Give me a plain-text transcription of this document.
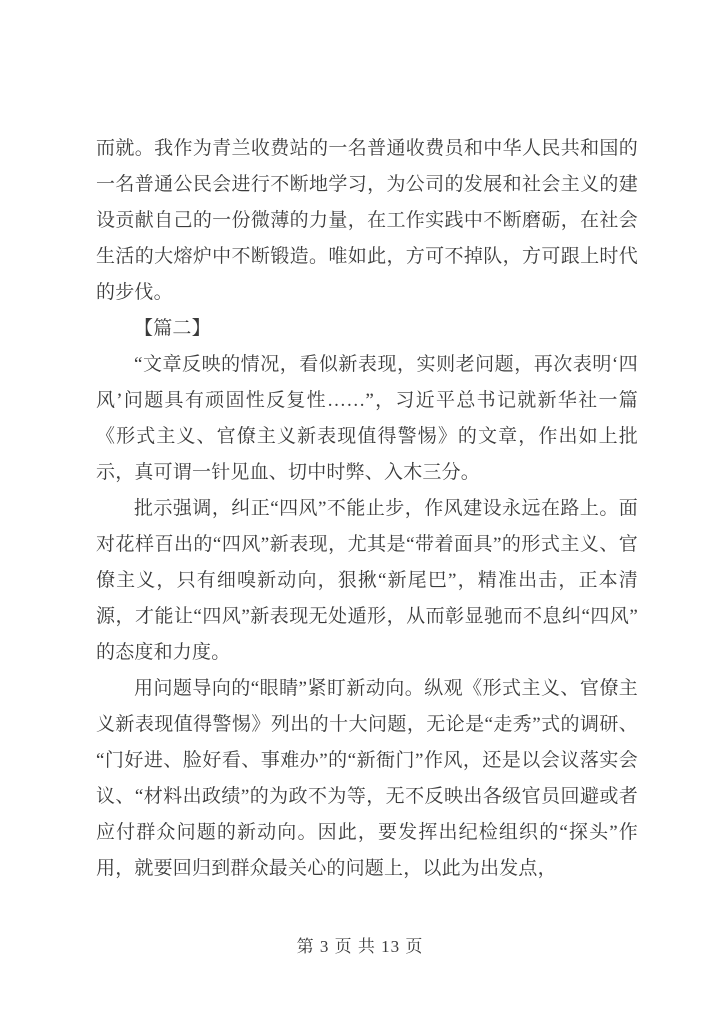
而就。我作为青兰收费站的一名普通收费员和中华人民共和国的一名普通公民会进行不断地学习，为公司的发展和社会主义的建设贡献自己的一份微薄的力量，在工作实践中不断磨砺，在社会生活的大熔炉中不断锻造。唯如此，方可不掉队，方可跟上时代的步伐。

【篇二】

“文章反映的情况，看似新表现，实则老问题，再次表明‘四风’问题具有顽固性反复性……”，习近平总书记就新华社一篇《形式主义、官僚主义新表现值得警惕》的文章，作出如上批示，真可谓一针见血、切中时弊、入木三分。

批示强调，纠正“四风”不能止步，作风建设永远在路上。面对花样百出的“四风”新表现，尤其是“带着面具”的形式主义、官僚主义，只有细嗅新动向，狠揪“新尾巴”，精准出击，正本清源，才能让“四风”新表现无处遁形，从而彰显驰而不息纠“四风”的态度和力度。

用问题导向的“眼睛”紧盯新动向。纵观《形式主义、官僚主义新表现值得警惕》列出的十大问题，无论是“走秀”式的调研、“门好进、脸好看、事难办”的“新衙门”作风，还是以会议落实会议、“材料出政绩”的为政不为等，无不反映出各级官员回避或者应付群众问题的新动向。因此，要发挥出纪检组织的“探头”作用，就要回归到群众最关心的问题上，以此为出发点，

第 3 页 共 13 页
